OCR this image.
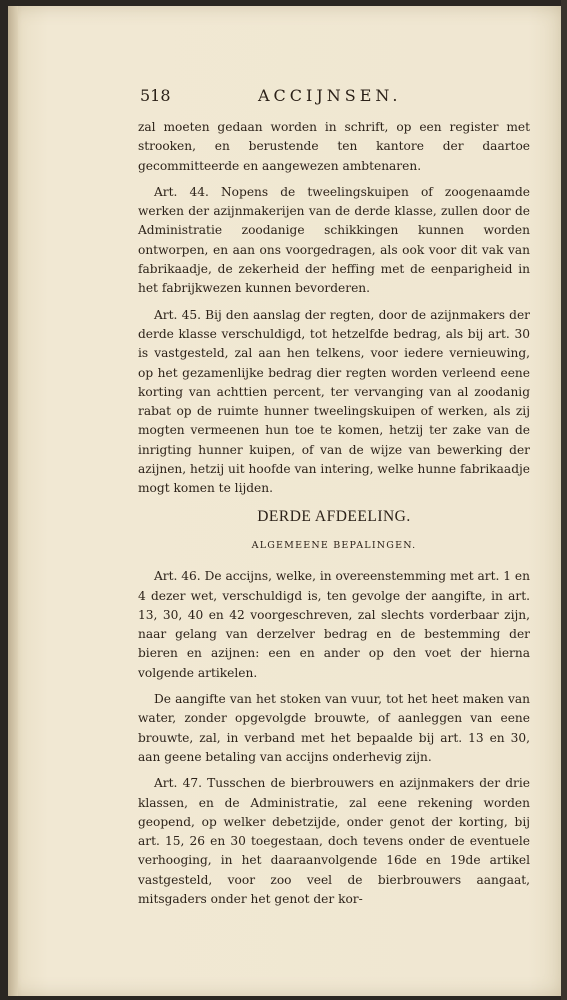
518	ACCIJNSEN.

zal moeten gedaan worden in schrift, op een register met strooken, en berustende ten kantore der daartoe gecommitteerde en aangewezen ambtenaren.

Art. 44. Nopens de tweelingskuipen of zoogenaamde werken der azijnmakerijen van de derde klasse, zullen door de Administratie zoodanige schikkingen kunnen worden ontworpen, en aan ons voorgedragen, als ook voor dit vak van fabrikaadje, de zekerheid der heffing met de eenparigheid in het fabrijkwezen kunnen bevorderen.

Art. 45. Bij den aanslag der regten, door de azijnmakers der derde klasse verschuldigd, tot hetzelfde bedrag, als bij art. 30 is vastgesteld, zal aan hen telkens, voor iedere vernieuwing, op het gezamenlijke bedrag dier regten worden verleend eene korting van achttien percent, ter vervanging van al zoodanig rabat op de ruimte hunner tweelingskuipen of werken, als zij mogten vermeenen hun toe te komen, hetzij ter zake van de inrigting hunner kuipen, of van de wijze van bewerking der azijnen, hetzij uit hoofde van intering, welke hunne fabrikaadje mogt komen te lijden.

DERDE AFDEELING.
ALGEMEENE BEPALINGEN.

Art. 46. De accijns, welke, in overeenstemming met art. 1 en 4 dezer wet, verschuldigd is, ten gevolge der aangifte, in art. 13, 30, 40 en 42 voorgeschreven, zal slechts vorderbaar zijn, naar gelang van derzelver bedrag en de bestemming der bieren en azijnen: een en ander op den voet der hierna volgende artikelen.

De aangifte van het stoken van vuur, tot het heet maken van water, zonder opgevolgde brouwte, of aanleggen van eene brouwte, zal, in verband met het bepaalde bij art. 13 en 30, aan geene betaling van accijns onderhevig zijn.

Art. 47. Tusschen de bierbrouwers en azijnmakers der drie klassen, en de Administratie, zal eene rekening worden geopend, op welker debetzijde, onder genot der korting, bij art. 15, 26 en 30 toegestaan, doch tevens onder de eventuele verhooging, in het daaraanvolgende 16de en 19de artikel vastgesteld, voor zoo veel de bierbrouwers aangaat, mitsgaders onder het genot der kor-
